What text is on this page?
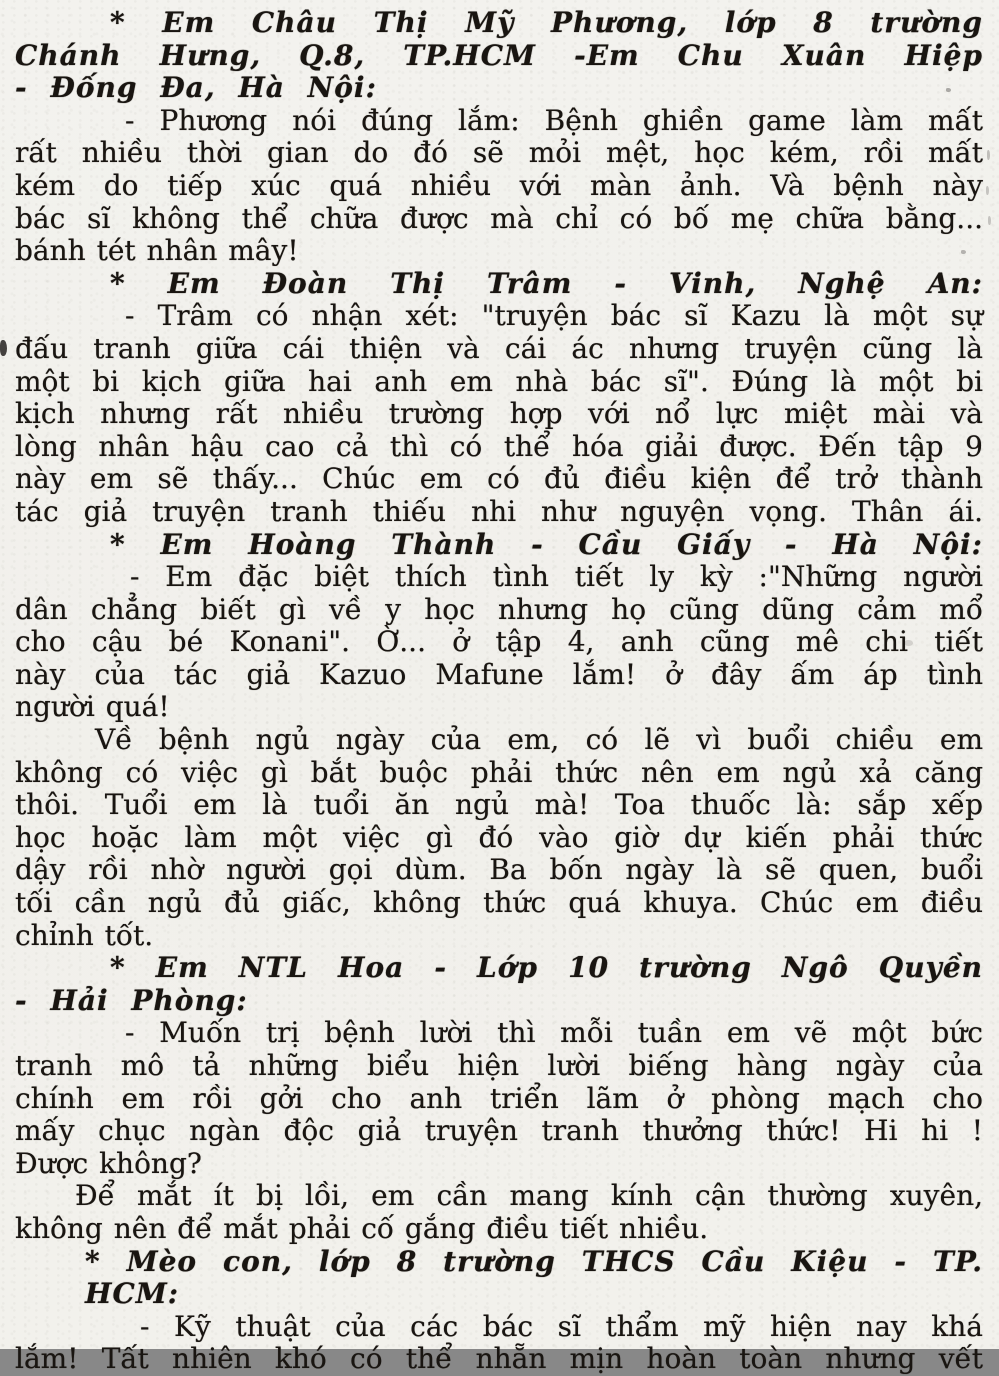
* Em Châu Thị Mỹ Phương, lớp 8 trường
Chánh Hưng, Q.8, TP.HCM -Em Chu Xuân Hiệp
- Đống Đa, Hà Nội:
- Phương nói đúng lắm: Bệnh ghiền game làm mất
rất nhiều thời gian do đó sẽ mỏi mệt, học kém, rồi mất
kém do tiếp xúc quá nhiều với màn ảnh. Và bệnh này
bác sĩ không thể chữa được mà chỉ có bố mẹ chữa bằng...
bánh tét nhân mây!
* Em Đoàn Thị Trâm - Vinh, Nghệ An:
- Trâm có nhận xét: "truyện bác sĩ Kazu là một sự
đấu tranh giữa cái thiện và cái ác nhưng truyện cũng là
một bi kịch giữa hai anh em nhà bác sĩ". Đúng là một bi
kịch nhưng rất nhiều trường hợp với nổ lực miệt mài và
lòng nhân hậu cao cả thì có thể hóa giải được. Đến tập 9
này em sẽ thấy... Chúc em có đủ điều kiện để trở thành
tác giả truyện tranh thiếu nhi như nguyện vọng. Thân ái.
* Em Hoàng Thành - Cầu Giấy - Hà Nội:
- Em đặc biệt thích tình tiết ly kỳ :"Những người
dân chẳng biết gì về y học nhưng họ cũng dũng cảm mổ
cho cậu bé Konani". Ờ... ở tập 4, anh cũng mê chi tiết
này của tác giả Kazuo Mafune lắm! ở đây ấm áp tình
người quá!
Về bệnh ngủ ngày của em, có lẽ vì buổi chiều em
không có việc gì bắt buộc phải thức nên em ngủ xả căng
thôi. Tuổi em là tuổi ăn ngủ mà! Toa thuốc là: sắp xếp
học hoặc làm một việc gì đó vào giờ dự kiến phải thức
dậy rồi nhờ người gọi dùm. Ba bốn ngày là sẽ quen, buổi
tối cần ngủ đủ giấc, không thức quá khuya. Chúc em điều
chỉnh tốt.
* Em NTL Hoa - Lớp 10 trường Ngô Quyền
- Hải Phòng:
- Muốn trị bệnh lười thì mỗi tuần em vẽ một bức
tranh mô tả những biểu hiện lười biếng hàng ngày của
chính em rồi gởi cho anh triển lãm ở phòng mạch cho
mấy chục ngàn độc giả truyện tranh thưởng thức! Hi hi !
Được không?
Để mắt ít bị lồi, em cần mang kính cận thường xuyên,
không nên để mắt phải cố gắng điều tiết nhiều.
* Mèo con, lớp 8 trường THCS Cầu Kiệu - TP. HCM:
- Kỹ thuật của các bác sĩ thẩm mỹ hiện nay khá
lắm! Tất nhiên khó có thể nhẵn mịn hoàn toàn nhưng vết
